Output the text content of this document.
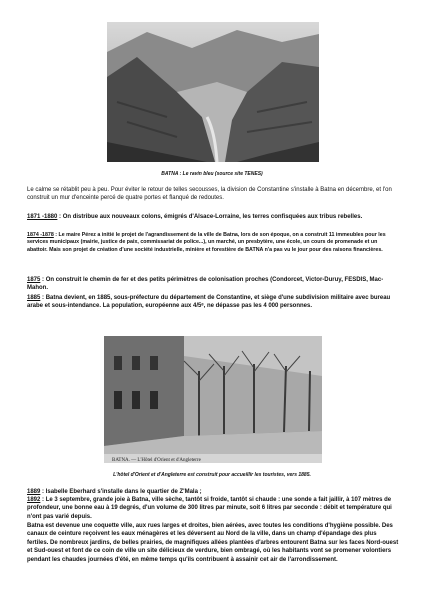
BATNA : Le ravin bleu (source site TENES)
Le calme se rétablit peu à peu. Pour éviter le retour de telles secousses, la division de Constantine s'installe à Batna en décembre, et l'on construit un mur d'enceinte percé de quatre portes et flanqué de redoutes.
1871 -1880 : On distribue aux nouveaux colons, émigrés d'Alsace-Lorraine, les terres confisquées aux tribus rebelles.
1874 -1878 : Le maire Pérez a initié le projet de l'agrandissement de la ville de Batna, lors de son époque, on a construit 11 immeubles pour les services municipaux (mairie, justice de paix, commissariat de police...), un marché, un presbytère, une école, un cours de promenade et un abattoir. Mais son projet de création d'une société industrielle, minière et forestière de BATNA n'a pas vu le jour pour des raisons financières.
1875 : On construit le chemin de fer et des petits périmètres de colonisation proches (Condorcet, Victor-Duruy, FESDIS, Mac-Mahon.
1885 : Batna devient, en 1885, sous-préfecture du département de Constantine, et siège d'une subdivision militaire avec bureau arabe et sous-intendance. La population, européenne aux 4/5ᵉ, ne dépasse pas les 4 000 personnes.
BATNA. — L'Hôtel d'Orient et d'Angleterre
L'hôtel d'Orient et d'Angleterre est construit pour accueillir les touristes, vers 1885.
1889 : Isabelle Eberhard s'installe dans le quartier de Z'Mala ;
1892 : Le 3 septembre, grande joie à Batna, ville sèche, tantôt si froide, tantôt si chaude : une sonde a fait jaillir, à 107 mètres de profondeur, une bonne eau à 19 degrés, d'un volume de 300 litres par minute, soit 6 litres par seconde : débit et température qui n'ont pas varié depuis.
Batna est devenue une coquette ville, aux rues larges et droites, bien aérées, avec toutes les conditions d'hygiène possible. Des canaux de ceinture reçoivent les eaux ménagères et les déversent au Nord de la ville, dans un champ d'épandage des plus fertiles. De nombreux jardins, de belles prairies, de magnifiques allées plantées d'arbres entourent Batna sur les faces Nord-ouest et Sud-ouest et font de ce coin de ville un site délicieux de verdure, bien ombragé, où les habitants vont se promener volontiers pendant les chaudes journées d'été, en même temps qu'ils contribuent à assainir cet air de l'arrondissement.
